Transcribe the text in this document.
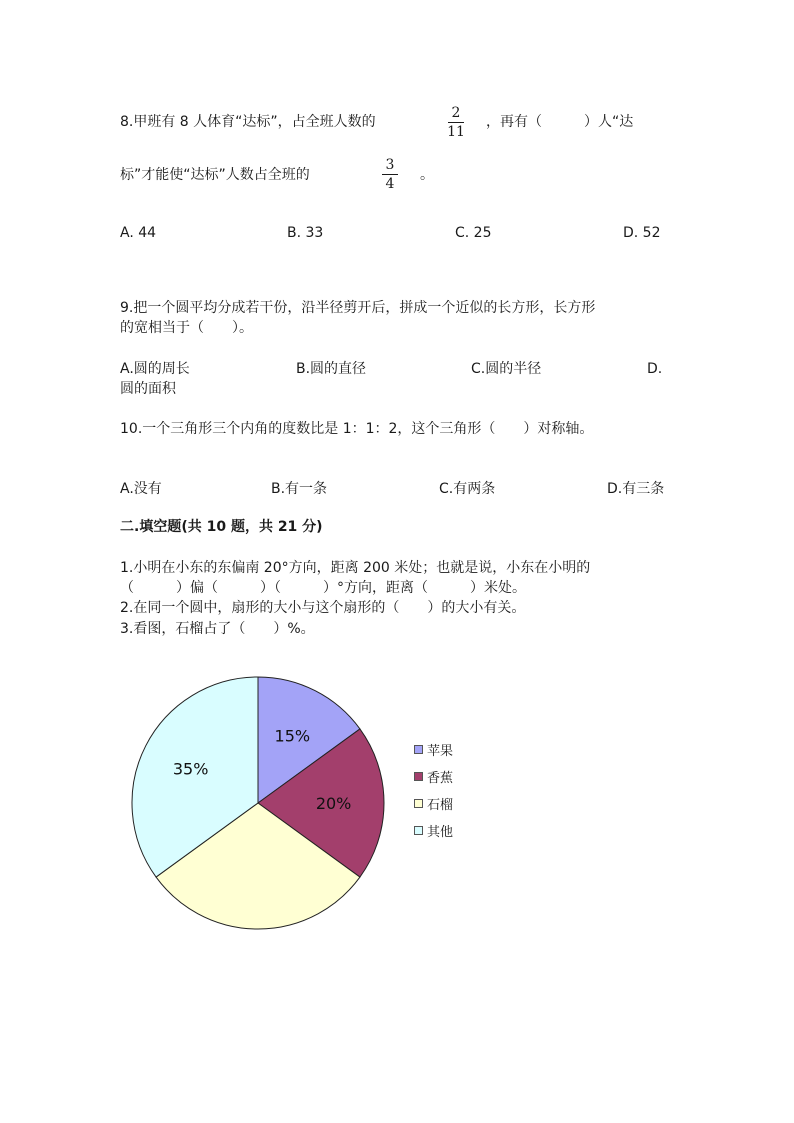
8.甲班有 8 人体育“达标”，占全班人数的
2
11
，再有（　　　）人“达
标”才能使“达标”人数占全班的
3
4
。
A. 44	B. 33	C. 25	D. 52
9.把一个圆平均分成若干份，沿半径剪开后，拼成一个近似的长方形，长方形
的宽相当于（　　）。
A.圆的周长	B.圆的直径	C.圆的半径	D.
圆的面积
10.一个三角形三个内角的度数比是 1：1：2，这个三角形（　　）对称轴。
A.没有	B.有一条	C.有两条	D.有三条
二.填空题(共 10 题，共 21 分)
1.小明在小东的东偏南 20°方向，距离 200 米处；也就是说，小东在小明的
（　　　）偏（　　　）（　　　）°方向，距离（　　　）米处。
2.在同一个圆中，扇形的大小与这个扇形的（　　）的大小有关。
3.看图，石榴占了（　　）%。
15%
20%
35%
苹果
香蕉
石榴
其他
